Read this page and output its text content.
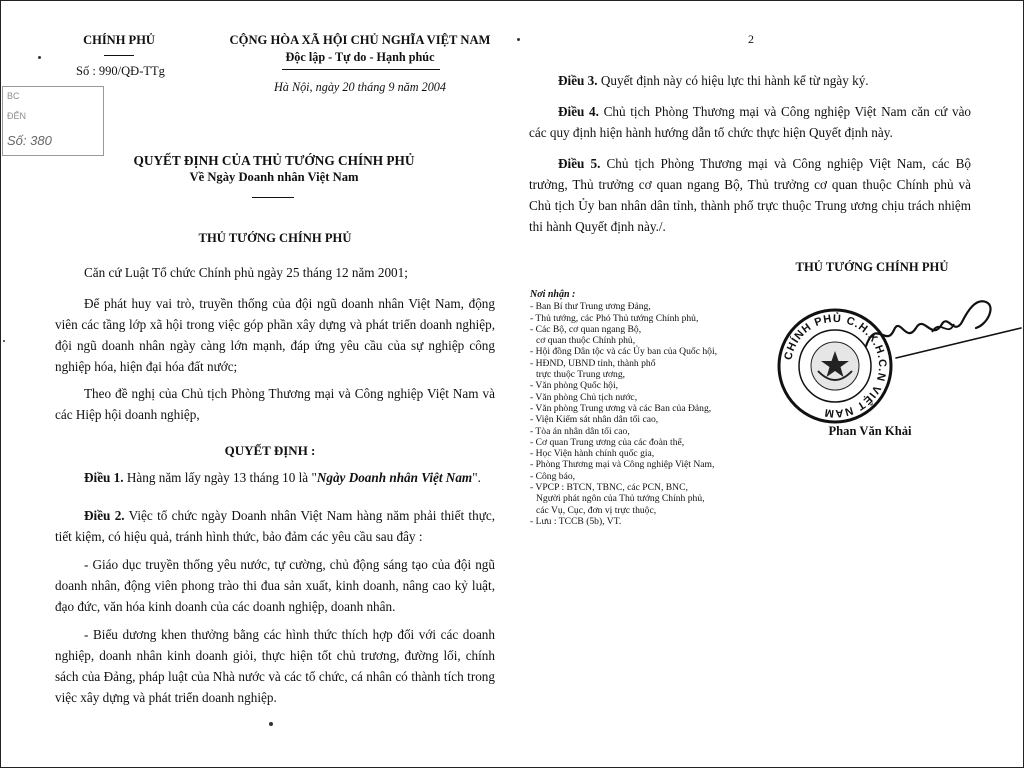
CHÍNH PHỦ
Số : 990/QĐ-TTg
CỘNG HÒA XÃ HỘI CHỦ NGHĨA VIỆT NAM
Độc lập - Tự do - Hạnh phúc
Hà Nội, ngày 20 tháng 9 năm 2004
BC
ĐẾN
Số: 380
QUYẾT ĐỊNH CỦA THỦ TƯỚNG CHÍNH PHỦ
Về Ngày Doanh nhân Việt Nam
THỦ TƯỚNG CHÍNH PHỦ
Căn cứ Luật Tổ chức Chính phủ ngày 25 tháng 12 năm 2001;
Để phát huy vai trò, truyền thống của đội ngũ doanh nhân Việt Nam, động viên các tầng lớp xã hội trong việc góp phần xây dựng và phát triển doanh nghiệp, đội ngũ doanh nhân ngày càng lớn mạnh, đáp ứng yêu cầu của sự nghiệp công nghiệp hóa, hiện đại hóa đất nước;
Theo đề nghị của Chủ tịch Phòng Thương mại và Công nghiệp Việt Nam và các Hiệp hội doanh nghiệp,
QUYẾT ĐỊNH :
Điều 1. Hàng năm lấy ngày 13 tháng 10 là "Ngày Doanh nhân Việt Nam".
Điều 2. Việc tổ chức ngày Doanh nhân Việt Nam hàng năm phải thiết thực, tiết kiệm, có hiệu quả, tránh hình thức, bảo đảm các yêu cầu sau đây :
- Giáo dục truyền thống yêu nước, tự cường, chủ động sáng tạo của đội ngũ doanh nhân, động viên phong trào thi đua sản xuất, kinh doanh, nâng cao kỷ luật, đạo đức, văn hóa kinh doanh của các doanh nghiệp, doanh nhân.
- Biểu dương khen thưởng bằng các hình thức thích hợp đối với các doanh nghiệp, doanh nhân kinh doanh giỏi, thực hiện tốt chủ trương, đường lối, chính sách của Đảng, pháp luật của Nhà nước và các tổ chức, cá nhân có thành tích trong việc xây dựng và phát triển doanh nghiệp.
2
Điều 3. Quyết định này có hiệu lực thi hành kể từ ngày ký.
Điều 4. Chủ tịch Phòng Thương mại và Công nghiệp Việt Nam căn cứ vào các quy định hiện hành hướng dẫn tổ chức thực hiện Quyết định này.
Điều 5. Chủ tịch Phòng Thương mại và Công nghiệp Việt Nam, các Bộ trưởng, Thủ trưởng cơ quan ngang Bộ, Thủ trưởng cơ quan thuộc Chính phủ và Chủ tịch Ủy ban nhân dân tỉnh, thành phố trực thuộc Trung ương chịu trách nhiệm thi hành Quyết định này./.
THỦ TƯỚNG CHÍNH PHỦ
Nơi nhận :
- Ban Bí thư Trung ương Đảng,
- Thủ tướng, các Phó Thủ tướng Chính phủ,
- Các Bộ, cơ quan ngang Bộ,
cơ quan thuộc Chính phủ,
- Hội đồng Dân tộc và các Ủy ban của Quốc hội,
- HĐND, UBND tỉnh, thành phố
trực thuộc Trung ương,
- Văn phòng Quốc hội,
- Văn phòng Chủ tịch nước,
- Văn phòng Trung ương và các Ban của Đảng,
- Viện Kiểm sát nhân dân tối cao,
- Tòa án nhân dân tối cao,
- Cơ quan Trung ương của các đoàn thể,
- Học Viện hành chính quốc gia,
- Phòng Thương mại và Công nghiệp Việt Nam,
- Công báo,
- VPCP : BTCN, TBNC, các PCN, BNC,
Người phát ngôn của Thủ tướng Chính phủ,
các Vụ, Cục, đơn vị trực thuộc,
- Lưu : TCCB (5b), VT.
CHÍNH PHỦ C.H.X.H.C.N VIỆT NAM
Phan Văn Khải
